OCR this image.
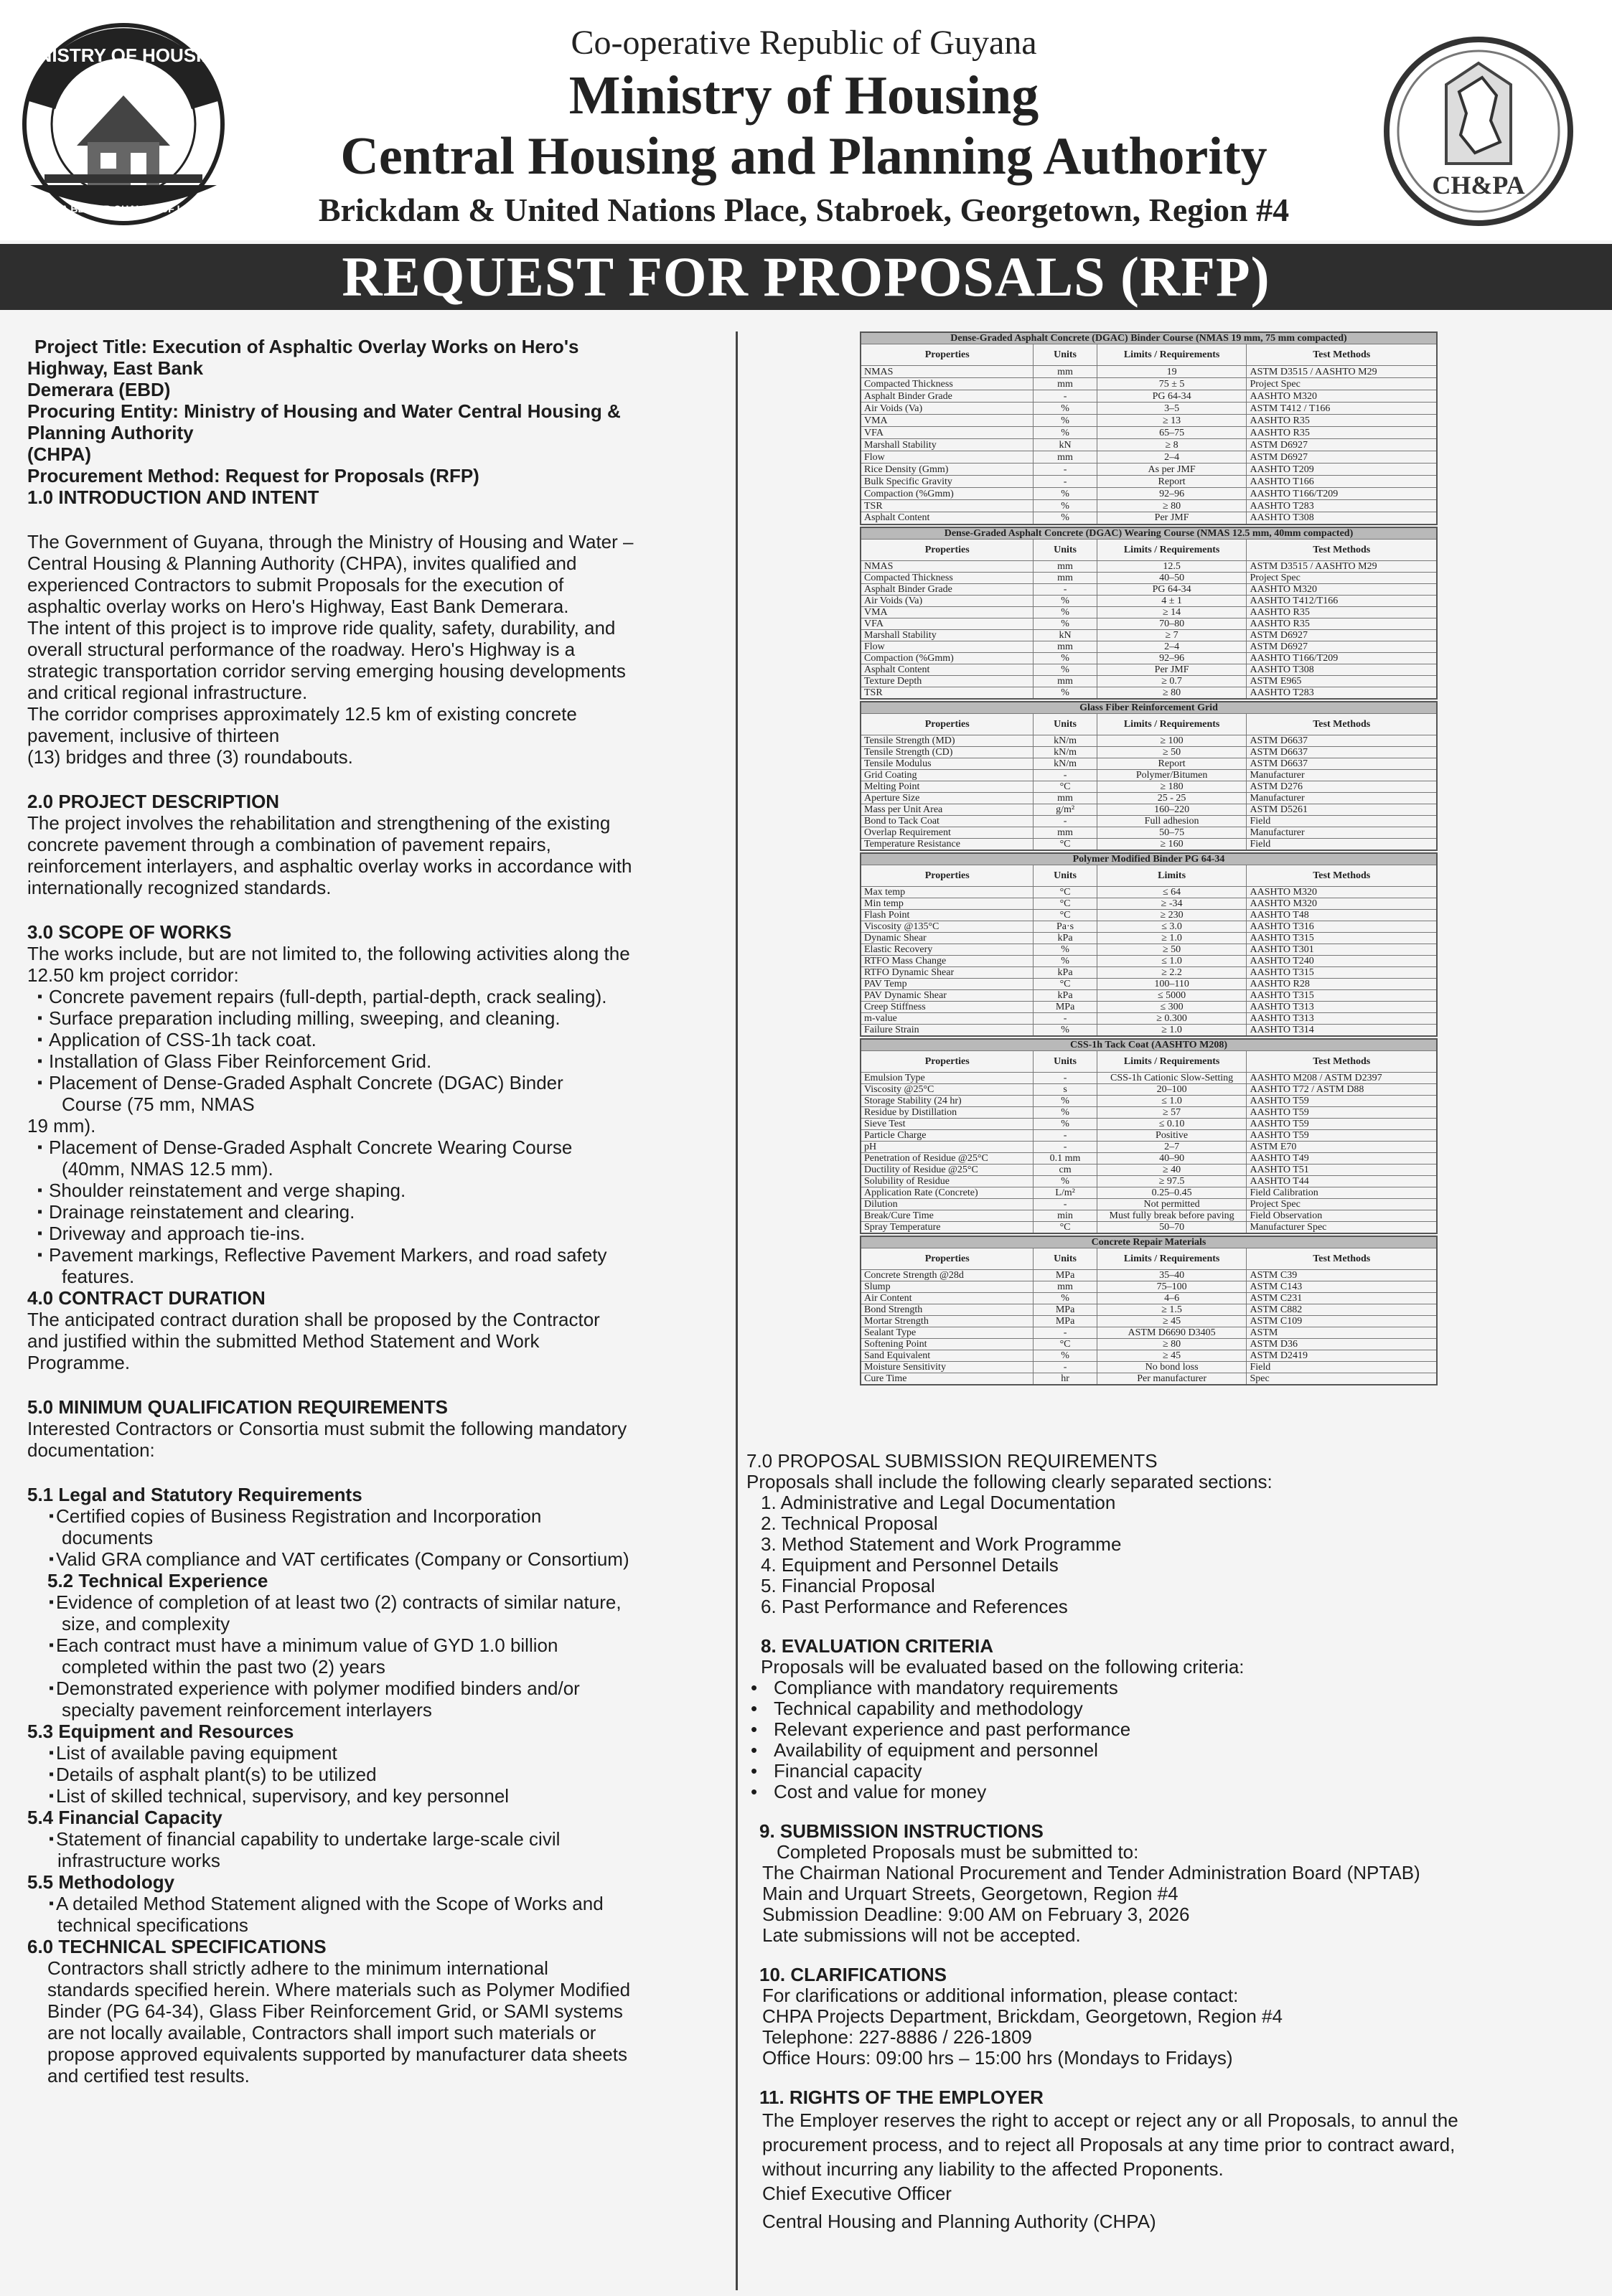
MINISTRY OF HOUSING
PROVIDING A BETTER QUALITY OF LIFE FOR ALL
Co-operative Republic of Guyana
Ministry of Housing
Central Housing and Planning Authority
Brickdam & United Nations Place, Stabroek, Georgetown, Region #4
CH&PA
REQUEST FOR PROPOSALS (RFP)

Project Title: Execution of Asphaltic Overlay Works on Hero's

Highway, East Bank

Demerara (EBD)

Procuring Entity: Ministry of Housing and Water Central Housing &

Planning Authority

(CHPA)

Procurement Method: Request for Proposals (RFP)

1.0 INTRODUCTION AND INTENT

The Government of Guyana, through the Ministry of Housing and Water –

Central Housing & Planning Authority (CHPA), invites qualified and

experienced Contractors to submit Proposals for the execution of

asphaltic overlay works on Hero's Highway, East Bank Demerara.

The intent of this project is to improve ride quality, safety, durability, and

overall structural performance of the roadway. Hero's Highway is a

strategic transportation corridor serving emerging housing developments

and critical regional infrastructure.

The corridor comprises approximately 12.5 km of existing concrete

pavement, inclusive of thirteen

(13) bridges and three (3) roundabouts.

2.0 PROJECT DESCRIPTION

The project involves the rehabilitation and strengthening of the existing

concrete pavement through a combination of pavement repairs,

reinforcement interlayers, and asphaltic overlay works in accordance with

internationally recognized standards.

3.0 SCOPE OF WORKS

The works include, but are not limited to, the following activities along the

12.50 km project corridor:

▪ Concrete pavement repairs (full-depth, partial-depth, crack sealing).

▪ Surface preparation including milling, sweeping, and cleaning.

▪ Application of CSS-1h tack coat.

▪ Installation of Glass Fiber Reinforcement Grid.

▪ Placement of Dense-Graded Asphalt Concrete (DGAC) Binder

Course (75 mm, NMAS

19 mm).

▪ Placement of Dense-Graded Asphalt Concrete Wearing Course

(40mm, NMAS 12.5 mm).

▪ Shoulder reinstatement and verge shaping.

▪ Drainage reinstatement and clearing.

▪ Driveway and approach tie-ins.

▪ Pavement markings, Reflective Pavement Markers, and road safety

features.

4.0 CONTRACT DURATION

The anticipated contract duration shall be proposed by the Contractor

and justified within the submitted Method Statement and Work

Programme.

5.0 MINIMUM QUALIFICATION REQUIREMENTS

Interested Contractors or Consortia must submit the following mandatory

documentation:

5.1 Legal and Statutory Requirements

▪ Certified copies of Business Registration and Incorporation

documents

▪ Valid GRA compliance and VAT certificates (Company or Consortium)

5.2 Technical Experience

▪ Evidence of completion of at least two (2) contracts of similar nature,

size, and complexity

▪ Each contract must have a minimum value of GYD 1.0 billion

completed within the past two (2) years

▪ Demonstrated experience with polymer modified binders and/or

specialty pavement reinforcement interlayers

5.3 Equipment and Resources

▪ List of available paving equipment

▪ Details of asphalt plant(s) to be utilized

▪ List of skilled technical, supervisory, and key personnel

5.4 Financial Capacity

▪ Statement of financial capability to undertake large-scale civil

infrastructure works

5.5 Methodology

▪ A detailed Method Statement aligned with the Scope of Works and

technical specifications

6.0 TECHNICAL SPECIFICATIONS

Contractors shall strictly adhere to the minimum international

standards specified herein. Where materials such as Polymer Modified

Binder (PG 64-34), Glass Fiber Reinforcement Grid, or SAMI systems

are not locally available, Contractors shall import such materials or

propose approved equivalents supported by manufacturer data sheets

and certified test results.

Dense-Graded Asphalt Concrete (DGAC) Binder Course (NMAS 19 mm, 75 mm compacted)			
Properties	Units	Limits / Requirements	Test Methods
NMAS	mm	19	ASTM D3515 / AASHTO M29
Compacted Thickness	mm	75 ± 5	Project Spec
Asphalt Binder Grade	-	PG 64-34	AASHTO M320
Air Voids (Va)	%	3–5	ASTM T412 / T166
VMA	%	≥ 13	AASHTO R35
VFA	%	65–75	AASHTO R35
Marshall Stability	kN	≥ 8	ASTM D6927
Flow	mm	2–4	ASTM D6927
Rice Density (Gmm)	-	As per JMF	AASHTO T209
Bulk Specific Gravity	-	Report	AASHTO T166
Compaction (%Gmm)	%	92–96	AASHTO T166/T209
TSR	%	≥ 80	AASHTO T283
Asphalt Content	%	Per JMF	AASHTO T308
Dense-Graded Asphalt Concrete (DGAC) Wearing Course (NMAS 12.5 mm, 40mm compacted)			
Properties	Units	Limits / Requirements	Test Methods
NMAS	mm	12.5	ASTM D3515 / AASHTO M29
Compacted Thickness	mm	40–50	Project Spec
Asphalt Binder Grade	-	PG 64-34	AASHTO M320
Air Voids (Va)	%	4 ± 1	AASHTO T412/T166
VMA	%	≥ 14	AASHTO R35
VFA	%	70–80	AASHTO R35
Marshall Stability	kN	≥ 7	ASTM D6927
Flow	mm	2–4	ASTM D6927
Compaction (%Gmm)	%	92–96	AASHTO T166/T209
Asphalt Content	%	Per JMF	AASHTO T308
Texture Depth	mm	≥ 0.7	ASTM E965
TSR	%	≥ 80	AASHTO T283
Glass Fiber Reinforcement Grid			
Properties	Units	Limits / Requirements	Test Methods
Tensile Strength (MD)	kN/m	≥ 100	ASTM D6637
Tensile Strength (CD)	kN/m	≥ 50	ASTM D6637
Tensile Modulus	kN/m	Report	ASTM D6637
Grid Coating	-	Polymer/Bitumen	Manufacturer
Melting Point	°C	≥ 180	ASTM D276
Aperture Size	mm	25 - 25	Manufacturer
Mass per Unit Area	g/m²	160–220	ASTM D5261
Bond to Tack Coat	-	Full adhesion	Field
Overlap Requirement	mm	50–75	Manufacturer
Temperature Resistance	°C	≥ 160	Field
Polymer Modified Binder PG 64-34			
Properties	Units	Limits	Test Methods
Max temp	°C	≤ 64	AASHTO M320
Min temp	°C	≥ -34	AASHTO M320
Flash Point	°C	≥ 230	AASHTO T48
Viscosity @135°C	Pa·s	≤ 3.0	AASHTO T316
Dynamic Shear	kPa	≥ 1.0	AASHTO T315
Elastic Recovery	%	≥ 50	AASHTO T301
RTFO Mass Change	%	≤ 1.0	AASHTO T240
RTFO Dynamic Shear	kPa	≥ 2.2	AASHTO T315
PAV Temp	°C	100–110	AASHTO R28
PAV Dynamic Shear	kPa	≤ 5000	AASHTO T315
Creep Stiffness	MPa	≤ 300	AASHTO T313
m-value	-	≥ 0.300	AASHTO T313
Failure Strain	%	≥ 1.0	AASHTO T314
CSS-1h Tack Coat (AASHTO M208)			
Properties	Units	Limits / Requirements	Test Methods
Emulsion Type	-	CSS-1h Cationic Slow-Setting	AASHTO M208 / ASTM D2397
Viscosity @25°C	s	20–100	AASHTO T72 / ASTM D88
Storage Stability (24 hr)	%	≤ 1.0	AASHTO T59
Residue by Distillation	%	≥ 57	AASHTO T59
Sieve Test	%	≤ 0.10	AASHTO T59
Particle Charge	-	Positive	AASHTO T59
pH	-	2–7	ASTM E70
Penetration of Residue @25°C	0.1 mm	40–90	AASHTO T49
Ductility of Residue @25°C	cm	≥ 40	AASHTO T51
Solubility of Residue	%	≥ 97.5	AASHTO T44
Application Rate (Concrete)	L/m²	0.25–0.45	Field Calibration
Dilution	-	Not permitted	Project Spec
Break/Cure Time	min	Must fully break before paving	Field Observation
Spray Temperature	°C	50–70	Manufacturer Spec
Concrete Repair Materials			
Properties	Units	Limits / Requirements	Test Methods
Concrete Strength @28d	MPa	35–40	ASTM C39
Slump	mm	75–100	ASTM C143
Air Content	%	4–6	ASTM C231
Bond Strength	MPa	≥ 1.5	ASTM C882
Mortar Strength	MPa	≥ 45	ASTM C109
Sealant Type	-	ASTM D6690 D3405	ASTM
Softening Point	°C	≥ 80	ASTM D36
Sand Equivalent	%	≥ 45	ASTM D2419
Moisture Sensitivity	-	No bond loss	Field
Cure Time	hr	Per manufacturer	Spec

7.0 PROPOSAL SUBMISSION REQUIREMENTS

Proposals shall include the following clearly separated sections:

1. Administrative and Legal Documentation

2. Technical Proposal

3. Method Statement and Work Programme

4. Equipment and Personnel Details

5. Financial Proposal

6. Past Performance and References

8. EVALUATION CRITERIA

Proposals will be evaluated based on the following criteria:

• Compliance with mandatory requirements

• Technical capability and methodology

• Relevant experience and past performance

• Availability of equipment and personnel

• Financial capacity

• Cost and value for money

9. SUBMISSION INSTRUCTIONS

Completed Proposals must be submitted to:

The Chairman National Procurement and Tender Administration Board (NPTAB)

Main and Urquart Streets, Georgetown, Region #4

Submission Deadline: 9:00 AM on February 3, 2026

Late submissions will not be accepted.

10. CLARIFICATIONS

For clarifications or additional information, please contact:

CHPA Projects Department, Brickdam, Georgetown, Region #4

Telephone: 227-8886 / 226-1809

Office Hours: 09:00 hrs – 15:00 hrs (Mondays to Fridays)

11. RIGHTS OF THE EMPLOYER

The Employer reserves the right to accept or reject any or all Proposals, to annul the

procurement process, and to reject all Proposals at any time prior to contract award,

without incurring any liability to the affected Proponents.

Chief Executive Officer

Central Housing and Planning Authority (CHPA)
